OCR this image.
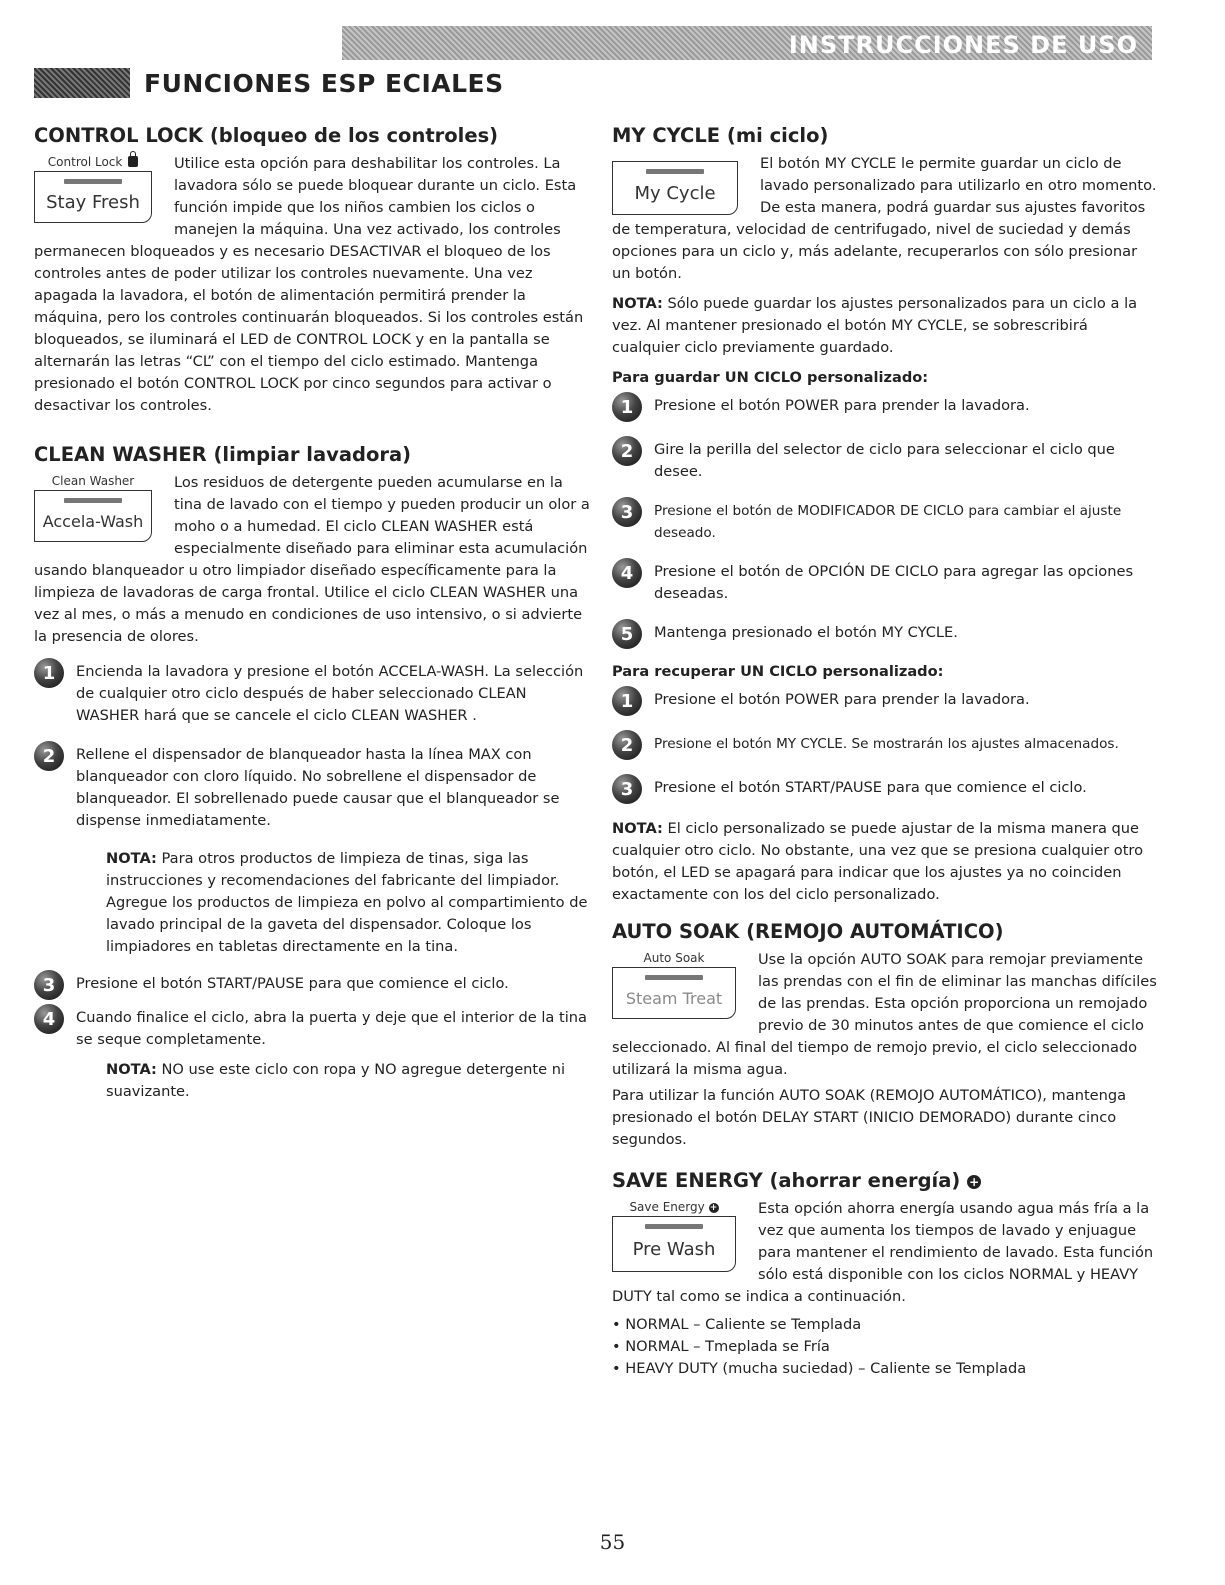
INSTRUCCIONES DE USO
FUNCIONES ESP ECIALES
CONTROL LOCK (bloqueo de los controles)
Control Lock
Stay Fresh

Utilice esta opción para deshabilitar los controles. La lavadora sólo se puede bloquear durante un ciclo. Esta función impide que los niños cambien los ciclos o manejen la máquina. Una vez activado, los controles permanecen bloqueados y es necesario DESACTIVAR el bloqueo de los controles antes de poder utilizar los controles nuevamente. Una vez apagada la lavadora, el botón de alimentación permitirá prender la máquina, pero los controles continuarán bloqueados. Si los controles están bloqueados, se iluminará el LED de CONTROL LOCK y en la pantalla se alternarán las letras “CL” con el tiempo del ciclo estimado. Mantenga presionado el botón CONTROL LOCK por cinco segundos para activar o desactivar los controles.

CLEAN WASHER (limpiar lavadora)
Clean Washer
Accela-Wash

Los residuos de detergente pueden acumularse en la tina de lavado con el tiempo y pueden producir un olor a moho o a humedad. El ciclo CLEAN WASHER está especialmente diseñado para eliminar esta acumulación usando blanqueador u otro limpiador diseñado específicamente para la limpieza de lavadoras de carga frontal. Utilice el ciclo CLEAN WASHER una vez al mes, o más a menudo en condiciones de uso intensivo, o si advierte la presencia de olores.

1	Encienda la lavadora y presione el botón ACCELA-WASH. La selección de cualquier otro ciclo después de haber seleccionado CLEAN WASHER hará que se cancele el ciclo CLEAN WASHER .
2	Rellene el dispensador de blanqueador hasta la línea MAX con blanqueador con cloro líquido. No sobrellene el dispensador de blanqueador. El sobrellenado puede causar que el blanqueador se dispense inmediatamente.

NOTA: Para otros productos de limpieza de tinas, siga las instrucciones y recomendaciones del fabricante del limpiador. Agregue los productos de limpieza en polvo al compartimiento de lavado principal de la gaveta del dispensador. Coloque los limpiadores en tabletas directamente en la tina.

3	Presione el botón START/PAUSE para que comience el ciclo.
4	Cuando finalice el ciclo, abra la puerta y deje que el interior de la tina se seque completamente.

NOTA: NO use este ciclo con ropa y NO agregue detergente ni suavizante.

MY CYCLE (mi ciclo)
My Cycle

El botón MY CYCLE le permite guardar un ciclo de lavado personalizado para utilizarlo en otro momento. De esta manera, podrá guardar sus ajustes favoritos de temperatura, velocidad de centrifugado, nivel de suciedad y demás opciones para un ciclo y, más adelante, recuperarlos con sólo presionar un botón.

NOTA: Sólo puede guardar los ajustes personalizados para un ciclo a la vez. Al mantener presionado el botón MY CYCLE, se sobrescribirá cualquier ciclo previamente guardado.

Para guardar UN CICLO personalizado:
1	Presione el botón POWER para prender la lavadora.
2	Gire la perilla del selector de ciclo para seleccionar el ciclo que desee.
3	Presione el botón de MODIFICADOR DE CICLO para cambiar el ajuste deseado.
4	Presione el botón de OPCIÓN DE CICLO para agregar las opciones deseadas.
5	Mantenga presionado el botón MY CYCLE.
Para recuperar UN CICLO personalizado:
1	Presione el botón POWER para prender la lavadora.
2	Presione el botón MY CYCLE. Se mostrarán los ajustes almacenados.
3	Presione el botón START/PAUSE para que comience el ciclo.

NOTA: El ciclo personalizado se puede ajustar de la misma manera que cualquier otro ciclo. No obstante, una vez que se presiona cualquier otro botón, el LED se apagará para indicar que los ajustes ya no coinciden exactamente con los del ciclo personalizado.

AUTO SOAK (REMOJO AUTOMÁTICO)
Auto Soak
Steam Treat

Use la opción AUTO SOAK para remojar previamente las prendas con el fin de eliminar las manchas difíciles de las prendas. Esta opción proporciona un remojado previo de 30 minutos antes de que comience el ciclo seleccionado. Al final del tiempo de remojo previo, el ciclo seleccionado utilizará la misma agua.

Para utilizar la función AUTO SOAK (REMOJO AUTOMÁTICO), mantenga presionado el botón DELAY START (INICIO DEMORADO) durante cinco segundos.

SAVE ENERGY (ahorrar energía) +
Save Energy +
Pre Wash

Esta opción ahorra energía usando agua más fría a la vez que aumenta los tiempos de lavado y enjuague para mantener el rendimiento de lavado. Esta función sólo está disponible con los ciclos NORMAL y HEAVY DUTY tal como se indica a continuación.

• NORMAL – Caliente se Templada
• NORMAL – Tmeplada se Fría
• HEAVY DUTY (mucha suciedad) – Caliente se Templada
55
